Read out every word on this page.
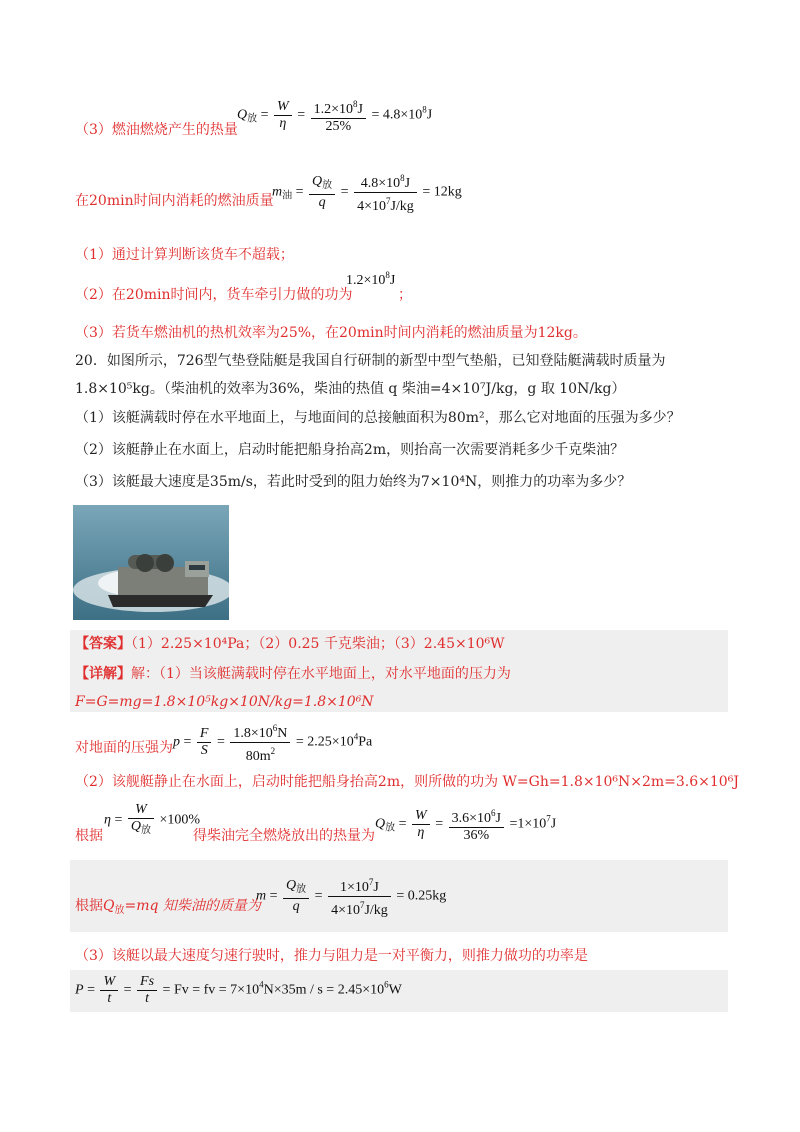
（3）燃油燃烧产生的热量
$Q_放 = \frac{W}{\eta} = \frac{1.2\times 10^8J}{25\%} = 4.8\times 10^8J$
在20min时间内消耗的燃油质量
$m_油 = \frac{Q_放}{q} = \frac{4.8\times 10^8J}{4\times 10^7J/kg} = 12kg$
（1）通过计算判断该货车不超载；
（2）在20min时间内，货车牵引力做的功为
$1.2\times 10^8J$
；
（3）若货车燃油机的热机效率为25%，在20min时间内消耗的燃油质量为12kg。
20．如图所示，726型气垫登陆艇是我国自行研制的新型中型气垫船，已知登陆艇满载时质量为
1.8×10⁵kg。（柴油机的效率为36%，柴油的热值 q 柴油=4×10⁷J/kg，g 取 10N/kg）
（1）该艇满载时停在水平地面上，与地面间的总接触面积为80m²，那么它对地面的压强为多少？
（2）该艇静止在水面上，启动时能把船身抬高2m，则抬高一次需要消耗多少千克柴油？
（3）该艇最大速度是35m/s，若此时受到的阻力始终为7×10⁴N，则推力的功率为多少？
【答案】（1）2.25×10⁴Pa；（2）0.25 千克柴油；（3）2.45×10⁶W
【详解】解：（1）当该艇满载时停在水平地面上，对水平地面的压力为
F=G=mg=1.8×10⁵kg×10N/kg=1.8×10⁶N
对地面的压强为 $p = \frac{F}{S} = \frac{1.8\times 10^6N}{80m^2} = 2.25\times 10^4Pa$
（2）该舰艇静止在水面上，启动时能把船身抬高2m，则所做的功为 W=Gh=1.8×10⁶N×2m=3.6×10⁶J
根据
$\eta = \frac{W}{Q_放} \times 100\%$
得柴油完全燃烧放出的热量为
$Q_放 = \frac{W}{\eta} = \frac{3.6\times 10^6J}{36\%} =1\times 10^7J$
根据$Q_放=mq$ 知柴油的质量为
$m = \frac{Q_放}{q} = \frac{1\times 10^7J}{4\times 10^7J/kg} = 0.25kg$
（3）该艇以最大速度匀速行驶时，推力与阻力是一对平衡力，则推力做功的功率是
$P = \frac{W}{t} = \frac{Fs}{t} = Fv$ = fv = $7\times 10^4N\times 35m / s = 2.45\times 10^6W$
